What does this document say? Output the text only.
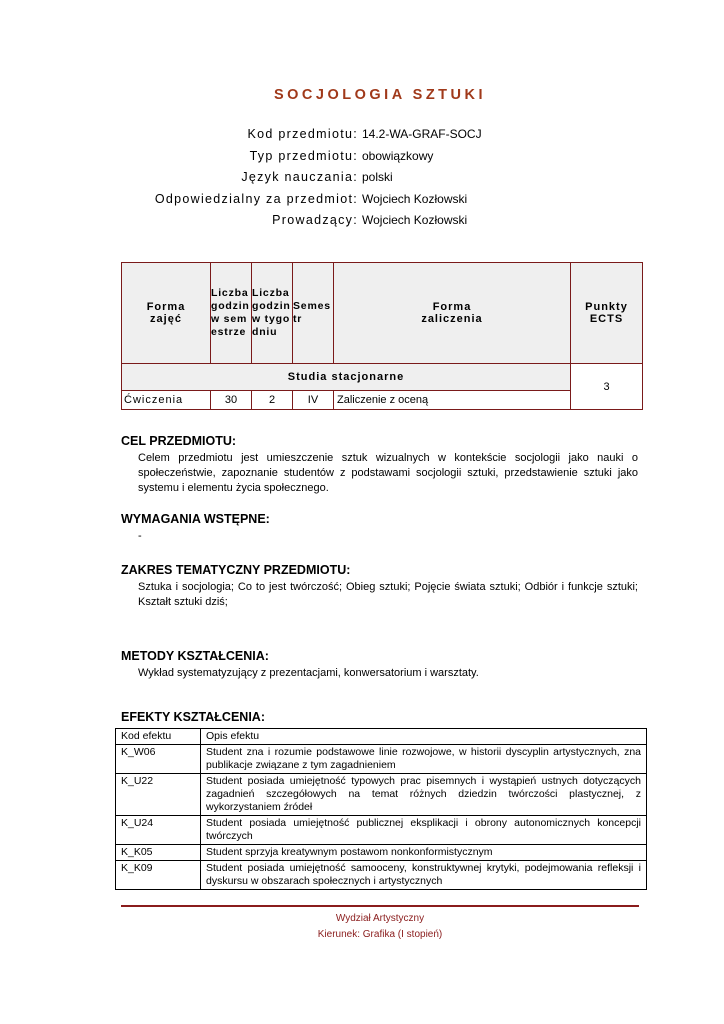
SOCJOLOGIA SZTUKI
Kod przedmiotu: 14.2-WA-GRAF-SOCJ
Typ przedmiotu: obowiązkowy
Język nauczania: polski
Odpowiedzialny za przedmiot: Wojciech Kozłowski
Prowadzący: Wojciech Kozłowski
Forma zajęć	Liczba godzin w semestrze	Liczba godzin w tygodniu	Semestr	Forma zaliczenia	Punkty ECTS
Studia stacjonarne					3
Ćwiczenia	30	2	IV	Zaliczenie z oceną	
CEL PRZEDMIOTU:
Celem przedmiotu jest umieszczenie sztuk wizualnych w kontekście socjologii jako nauki o społeczeństwie, zapoznanie studentów z podstawami socjologii sztuki, przedstawienie sztuki jako systemu i elementu życia społecznego.
WYMAGANIA WSTĘPNE:
-
ZAKRES TEMATYCZNY PRZEDMIOTU:
Sztuka i socjologia; Co to jest twórczość; Obieg sztuki; Pojęcie świata sztuki; Odbiór i funkcje sztuki; Kształt sztuki dziś;
METODY KSZTAŁCENIA:
Wykład systematyzujący z prezentacjami, konwersatorium i warsztaty.
EFEKTY KSZTAŁCENIA:
Kod efektu	Opis efektu
K_W06	Student zna i rozumie podstawowe linie rozwojowe, w historii dyscyplin artystycznych, zna publikacje związane z tym zagadnieniem
K_U22	Student posiada umiejętność typowych prac pisemnych i wystąpień ustnych dotyczących zagadnień szczegółowych na temat różnych dziedzin twórczości plastycznej, z wykorzystaniem źródeł
K_U24	Student posiada umiejętność publicznej eksplikacji i obrony autonomicznych koncepcji twórczych
K_K05	Student sprzyja kreatywnym postawom nonkonformistycznym
K_K09	Student posiada umiejętność samooceny, konstruktywnej krytyki, podejmowania refleksji i dyskursu w obszarach społecznych i artystycznych
Wydział Artystyczny
Kierunek: Grafika (I stopień)
